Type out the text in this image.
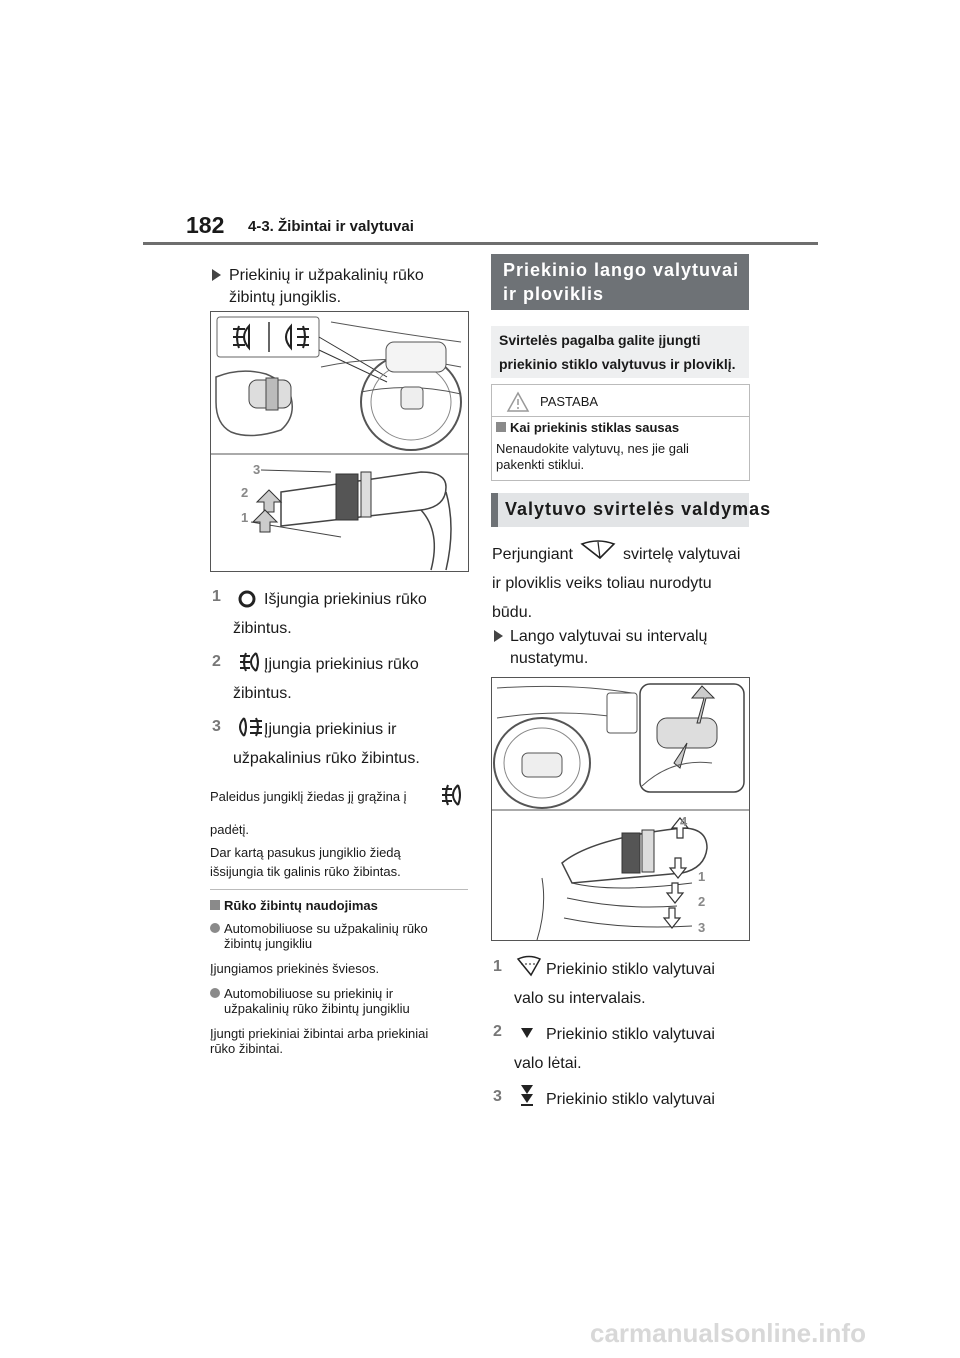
182 4-3. Žibintai ir valytuvai
Priekinių ir užpakalinių rūko
žibintų jungiklis.
3
2
1
1	Išjungia priekinius rūko
žibintus.
2	Įjungia priekinius rūko
žibintus.
3	Įjungia priekinius ir
užpakalinius rūko žibintus.
Paleidus jungiklį žiedas jį grąžina į
padėtį.
Dar kartą pasukus jungiklio žiedą
išsijungia tik galinis rūko žibintas.
Rūko žibintų naudojimas
Automobiliuose su užpakalinių rūko
žibintų jungikliu
Įjungiamos priekinės šviesos.
Automobiliuose su priekinių ir
užpakalinių rūko žibintų jungikliu
Įjungti priekiniai žibintai arba priekiniai
rūko žibintai.
Priekinio lango valytuvai
ir ploviklis
Svirtelės pagalba galite įjungti
priekinio stiklo valytuvus ir ploviklį.
PASTABA
Kai priekinis stiklas sausas
Nenaudokite valytuvų, nes jie gali
pakenkti stiklui.
Valytuvo svirtelės valdymas
Perjungiant	svirtelę valytuvai
ir ploviklis veiks toliau nurodytu
būdu.
Lango valytuvai su intervalų
nustatymu.
4
1
2
3
1	Priekinio stiklo valytuvai
valo su intervalais.
2	Priekinio stiklo valytuvai
valo lėtai.
3	Priekinio stiklo valytuvai
carmanualsonline.info
